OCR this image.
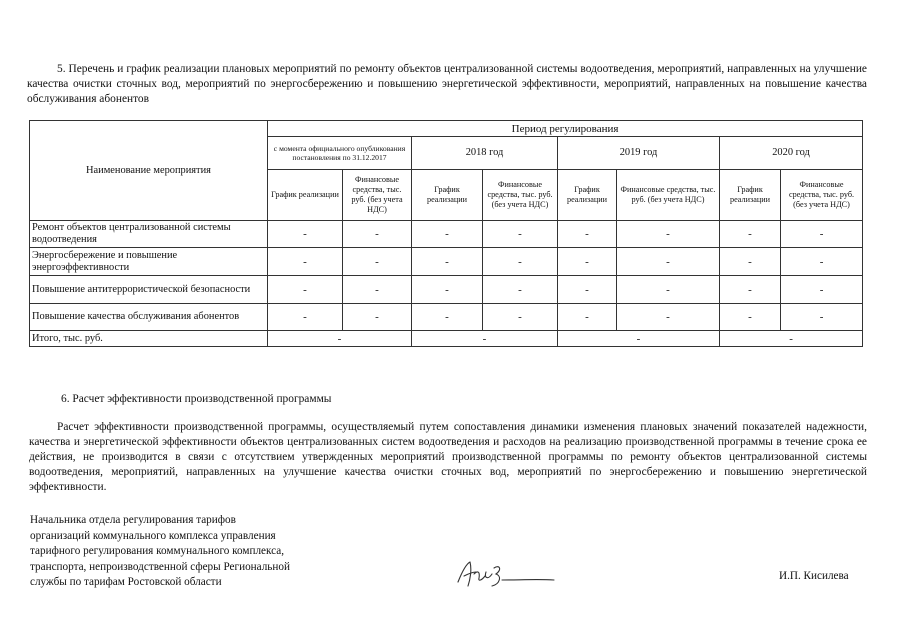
5. Перечень и график реализации плановых мероприятий по ремонту объектов централизованной системы водоотведения, мероприятий, направленных на улучшение качества очистки сточных вод, мероприятий по энергосбережению и повышению энергетической эффективности, мероприятий, направленных на повышение качества обслуживания абонентов
Наименование мероприятия	Период регулирования							
	с момента официального опубликования постановления по 31.12.2017		2018 год		2019 год		2020 год	
	График реализации	Финансовые средства, тыс. руб. (без учета НДС)	График реализации	Финансовые средства, тыс. руб. (без учета НДС)	График реализации	Финансовые средства, тыс. руб. (без учета НДС)	График реализации	Финансовые средства, тыс. руб. (без учета НДС)
Ремонт объектов централизованной системы водоотведения	-	-	-	-	-	-	-	-
Энергосбережение и повышение энергоэффективности	-	-	-	-	-	-	-	-
Повышение антитеррористической безопасности	-	-	-	-	-	-	-	-
Повышение качества обслуживания абонентов	-	-	-	-	-	-	-	-
Итого, тыс. руб.	-		-		-		-	
6. Расчет эффективности производственной программы
Расчет эффективности производственной программы, осуществляемый путем сопоставления динамики изменения плановых значений показателей надежности, качества и энергетической эффективности объектов централизованных систем водоотведения и расходов на реализацию производственной программы в течение срока ее действия, не производится в связи с отсутствием утвержденных мероприятий производственной программы по ремонту объектов централизованной системы водоотведения, мероприятий, направленных на улучшение качества очистки сточных вод, мероприятий по энергосбережению и повышению энергетической эффективности.
Начальника отдела регулирования тарифов
организаций коммунального комплекса управления
тарифного регулирования коммунального комплекса,
транспорта, непроизводственной сферы Региональной
службы по тарифам Ростовской области	И.П. Кисилева
